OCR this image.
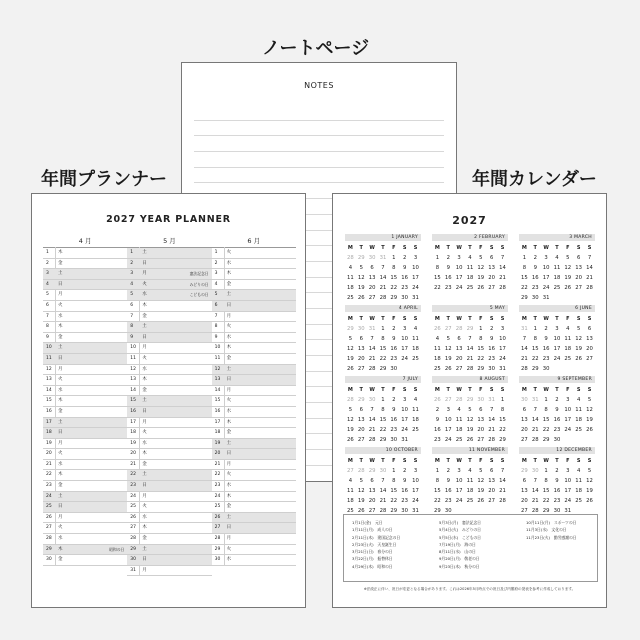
ノートページ
年間プランナー	年間カレンダー
NOTES
2027 YEAR PLANNER
4 月
1	木
2	金
3	土
4	日
5	月
6	火
7	水
8	木
9	金
10	土
11	日
12	月
13	火
14	水
15	木
16	金
17	土
18	日
19	月
20	火
21	水
22	木
23	金
24	土
25	日
26	月
27	火
28	水
29	木	昭和の日
30	金
5 月
1	土
2	日
3	月	憲法記念日
4	火	みどりの日
5	水	こどもの日
6	木
7	金
8	土
9	日
10	月
11	火
12	水
13	木
14	金
15	土
16	日
17	月
18	火
19	水
20	木
21	金
22	土
23	日
24	月
25	火
26	水
27	木
28	金
29	土
30	日
31	月
6 月
1	火
2	水
3	木
4	金
5	土
6	日
7	月
8	火
9	水
10	木
11	金
12	土
13	日
14	月
15	火
16	水
17	木
18	金
19	土
20	日
21	月
22	火
23	水
24	木
25	金
26	土
27	日
28	月
29	火
30	水
2027
1 JANUARY
M	T	W	T	F	S	S
28	29	30	31	1	2	3
4	5	6	7	8	9	10
11	12	13	14	15	16	17
18	19	20	21	22	23	24
25	26	27	28	29	30	31
2 FEBRUARY
M	T	W	T	F	S	S
1	2	3	4	5	6	7
8	9	10	11	12	13	14
15	16	17	18	19	20	21
22	23	24	25	26	27	28
3 MARCH
M	T	W	T	F	S	S
1	2	3	4	5	6	7
8	9	10	11	12	13	14
15	16	17	18	19	20	21
22	23	24	25	26	27	28
29	30	31				
4 APRIL
M	T	W	T	F	S	S
29	30	31	1	2	3	4
5	6	7	8	9	10	11
12	13	14	15	16	17	18
19	20	21	22	23	24	25
26	27	28	29	30		
5 MAY
M	T	W	T	F	S	S
26	27	28	29	1	2	3
4	5	6	7	8	9	10
11	12	13	14	15	16	17
18	19	20	21	22	23	24
25	26	27	28	29	30	31
6 JUNE
M	T	W	T	F	S	S
31	1	2	3	4	5	6
7	8	9	10	11	12	13
14	15	16	17	18	19	20
21	22	23	24	25	26	27
28	29	30				
7 JULY
M	T	W	T	F	S	S
28	29	30	1	2	3	4
5	6	7	8	9	10	11
12	13	14	15	16	17	18
19	20	21	22	23	24	25
26	27	28	29	30	31	
8 AUGUST
M	T	W	T	F	S	S
26	27	28	29	30	31	1
2	3	4	5	6	7	8
9	10	11	12	13	14	15
16	17	18	19	20	21	22
23	24	25	26	27	28	29

9 SEPTEMBER
M	T	W	T	F	S	S
30	31	1	2	3	4	5
6	7	8	9	10	11	12
13	14	15	16	17	18	19
20	21	22	23	24	25	26
27	28	29	30			
10 OCTOBER
M	T	W	T	F	S	S
27	28	29	30	1	2	3
4	5	6	7	8	9	10
11	12	13	14	15	16	17
18	19	20	21	22	23	24
25	26	27	28	29	30	31
11 NOVEMBER
M	T	W	T	F	S	S
1	2	3	4	5	6	7
8	9	10	11	12	13	14
15	16	17	18	19	20	21
22	23	24	25	26	27	28
29	30					
12 DECEMBER
M	T	W	T	F	S	S
29	30	1	2	3	4	5
6	7	8	9	10	11	12
13	14	15	16	17	18	19
20	21	22	23	24	25	26
27	28	29	30	31		
1月1日(金)　元日
1月11日(月)　成人の日
2月11日(木)　建国記念の日
2月23日(火)　天皇誕生日
3月21日(日)　春分の日
3月22日(月)　振替休日
4月29日(木)　昭和の日
5月3日(月)　憲法記念日
5月4日(火)　みどりの日
5月5日(水)　こどもの日
7月19日(月)　海の日
8月11日(水)　山の日
9月20日(月)　敬老の日
9月23日(木)　秋分の日
10月11日(月)　スポーツの日
11月3日(水)　文化の日
11月23日(火)　勤労感謝の日
※法改正に伴い、祝日が変更となる場合があります。これは2026年5月時点での祝日及び内閣府の発表を参考に作成しております。
